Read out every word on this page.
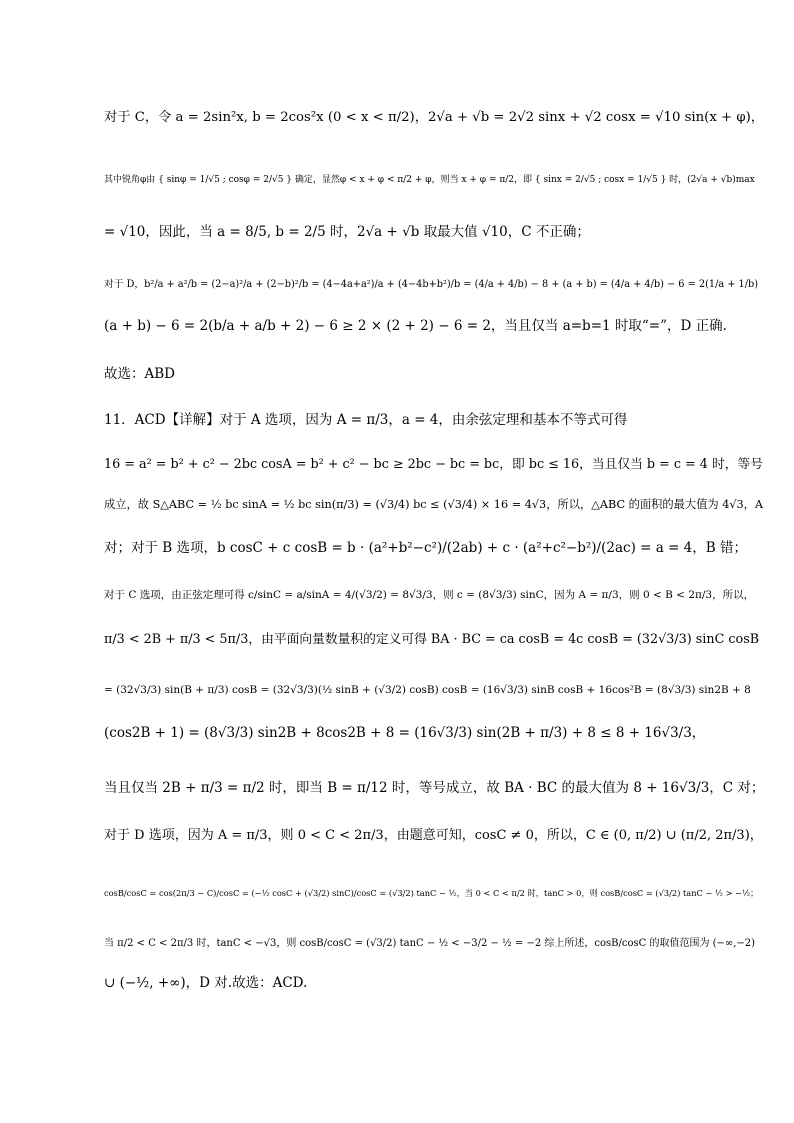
对于 C，令 a = 2sin²x, b = 2cos²x (0 < x < π/2)，2√a + √b = 2√2 sinx + √2 cosx = √10 sin(x + φ)，
其中锐角φ由 { sinφ = 1/√5 ; cosφ = 2/√5 } 确定，显然φ < x + φ < π/2 + φ，则当 x + φ = π/2，即 { sinx = 2/√5 ; cosx = 1/√5 } 时，(2√a + √b)max
= √10，因此，当 a = 8/5, b = 2/5 时，2√a + √b 取最大值 √10，C 不正确；
对于 D，b²/a + a²/b = (2−a)²/a + (2−b)²/b = (4−4a+a²)/a + (4−4b+b²)/b = (4/a + 4/b) − 8 + (a + b) = (4/a + 4/b) − 6 = 2(1/a + 1/b)
(a + b) − 6 = 2(b/a + a/b + 2) − 6 ≥ 2 × (2 + 2) − 6 = 2，当且仅当 a=b=1 时取“=”，D 正确.
故选：ABD
11．ACD【详解】对于 A 选项，因为 A = π/3，a = 4，由余弦定理和基本不等式可得
16 = a² = b² + c² − 2bc cosA = b² + c² − bc ≥ 2bc − bc = bc，即 bc ≤ 16，当且仅当 b = c = 4 时，等号
成立，故 S△ABC = ½ bc sinA = ½ bc sin(π/3) = (√3/4) bc ≤ (√3/4) × 16 = 4√3，所以，△ABC 的面积的最大值为 4√3，A
对；对于 B 选项，b cosC + c cosB = b · (a²+b²−c²)/(2ab) + c · (a²+c²−b²)/(2ac) = a = 4，B 错；
对于 C 选项，由正弦定理可得 c/sinC = a/sinA = 4/(√3/2) = 8√3/3，则 c = (8√3/3) sinC，因为 A = π/3，则 0 < B < 2π/3，所以，
π/3 < 2B + π/3 < 5π/3，由平面向量数量积的定义可得 BA · BC = ca cosB = 4c cosB = (32√3/3) sinC cosB
= (32√3/3) sin(B + π/3) cosB = (32√3/3)(½ sinB + (√3/2) cosB) cosB = (16√3/3) sinB cosB + 16cos²B = (8√3/3) sin2B + 8
(cos2B + 1) = (8√3/3) sin2B + 8cos2B + 8 = (16√3/3) sin(2B + π/3) + 8 ≤ 8 + 16√3/3，
当且仅当 2B + π/3 = π/2 时，即当 B = π/12 时，等号成立，故 BA · BC 的最大值为 8 + 16√3/3，C 对；
对于 D 选项，因为 A = π/3，则 0 < C < 2π/3，由题意可知，cosC ≠ 0，所以，C ∈ (0, π/2) ∪ (π/2, 2π/3)，
cosB/cosC = cos(2π/3 − C)/cosC = (−½ cosC + (√3/2) sinC)/cosC = (√3/2) tanC − ½，当 0 < C < π/2 时，tanC > 0，则 cosB/cosC = (√3/2) tanC − ½ > −½；
当 π/2 < C < 2π/3 时，tanC < −√3，则 cosB/cosC = (√3/2) tanC − ½ < −3/2 − ½ = −2 综上所述，cosB/cosC 的取值范围为 (−∞,−2)
∪ (−½, +∞)，D 对.故选：ACD.
